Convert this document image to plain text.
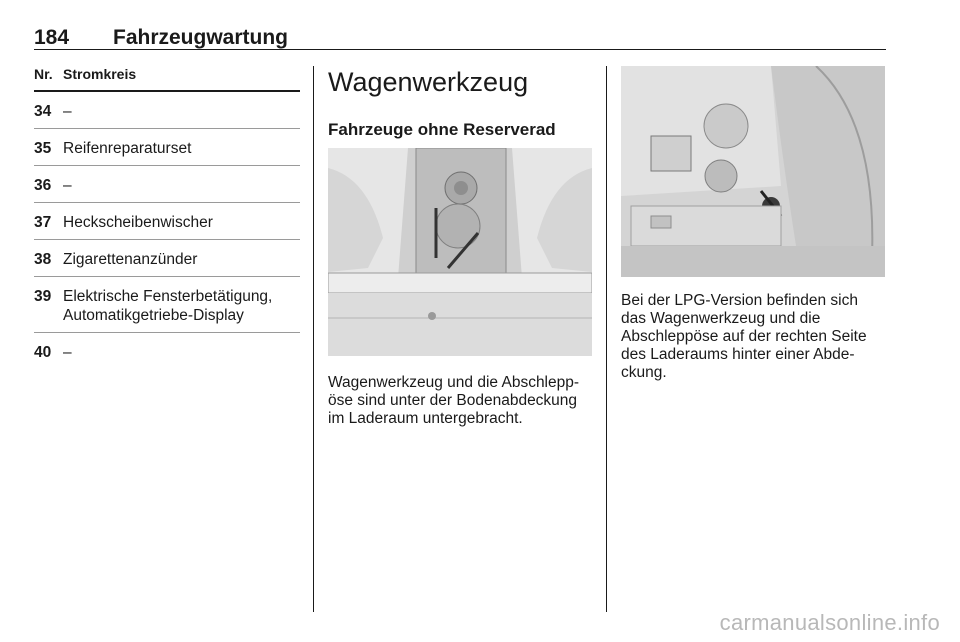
184 Fahrzeugwartung
Nr. Stromkreis
34 –
35 Reifenreparaturset
36 –
37 Heckscheibenwischer
38 Zigarettenanzünder
39 Elektrische Fensterbetätigung, Automatikgetriebe-Display
40 –
Wagenwerkzeug
Fahrzeuge ohne Reserverad
Wagenwerkzeug und die Abschlepp-öse sind unter der Bodenabdeckung im Laderaum untergebracht.
Bei der LPG-Version befinden sich das Wagenwerkzeug und die Abschleppöse auf der rechten Seite des Laderaums hinter einer Abde-ckung.
carmanualsonline.info
